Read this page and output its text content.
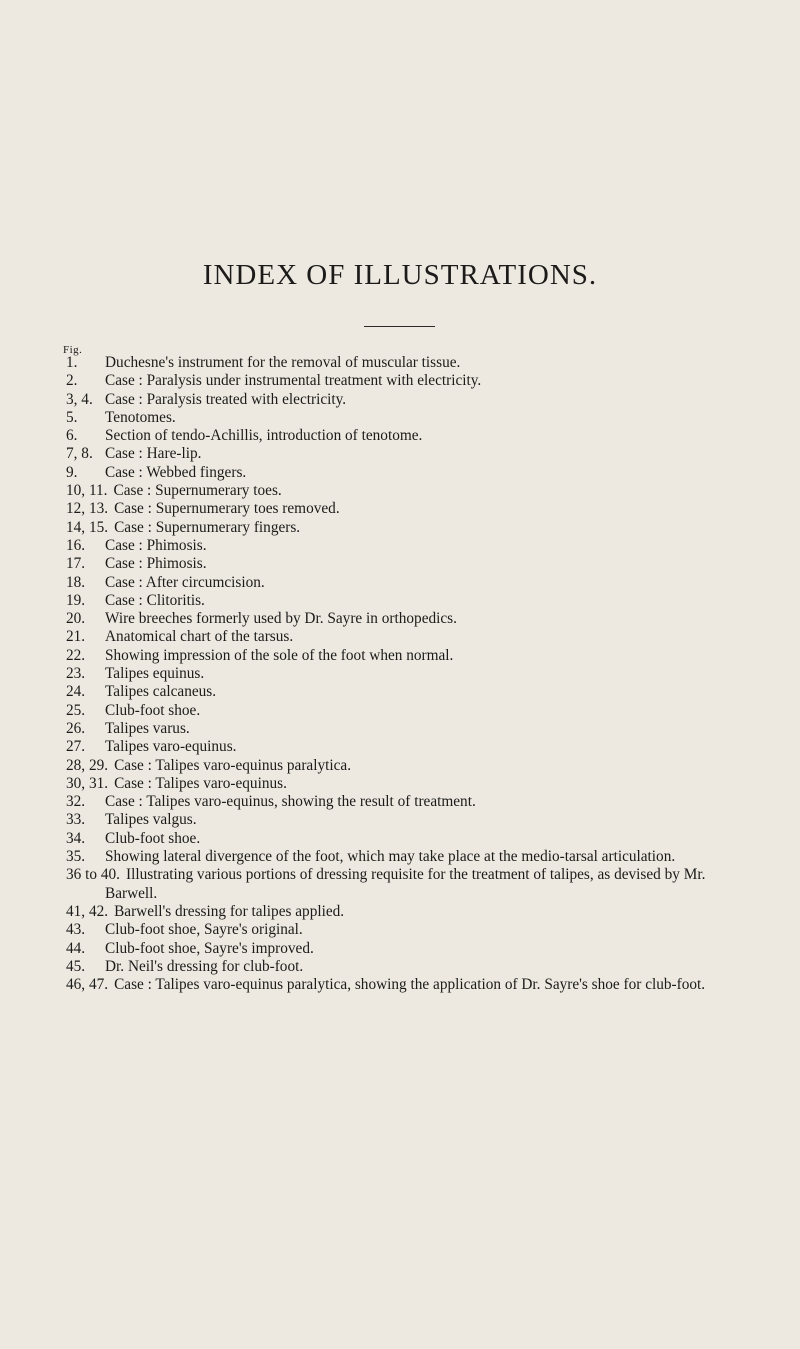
INDEX OF ILLUSTRATIONS.
Fig.
1. Duchesne's instrument for the removal of muscular tissue.
2. Case : Paralysis under instrumental treatment with electricity.
3, 4. Case : Paralysis treated with electricity.
5. Tenotomes.
6. Section of tendo-Achillis, introduction of tenotome.
7, 8. Case : Hare-lip.
9. Case : Webbed fingers.
10, 11. Case : Supernumerary toes.
12, 13. Case : Supernumerary toes removed.
14, 15. Case : Supernumerary fingers.
16. Case : Phimosis.
17. Case : Phimosis.
18. Case : After circumcision.
19. Case : Clitoritis.
20. Wire breeches formerly used by Dr. Sayre in orthopedics.
21. Anatomical chart of the tarsus.
22. Showing impression of the sole of the foot when normal.
23. Talipes equinus.
24. Talipes calcaneus.
25. Club-foot shoe.
26. Talipes varus.
27. Talipes varo-equinus.
28, 29. Case : Talipes varo-equinus paralytica.
30, 31. Case : Talipes varo-equinus.
32. Case : Talipes varo-equinus, showing the result of treatment.
33. Talipes valgus.
34. Club-foot shoe.
35. Showing lateral divergence of the foot, which may take place at the medio-tarsal articulation.
36 to 40. Illustrating various portions of dressing requisite for the treatment of talipes, as devised by Mr. Barwell.
41, 42. Barwell's dressing for talipes applied.
43. Club-foot shoe, Sayre's original.
44. Club-foot shoe, Sayre's improved.
45. Dr. Neil's dressing for club-foot.
46, 47. Case : Talipes varo-equinus paralytica, showing the application of Dr. Sayre's shoe for club-foot.
